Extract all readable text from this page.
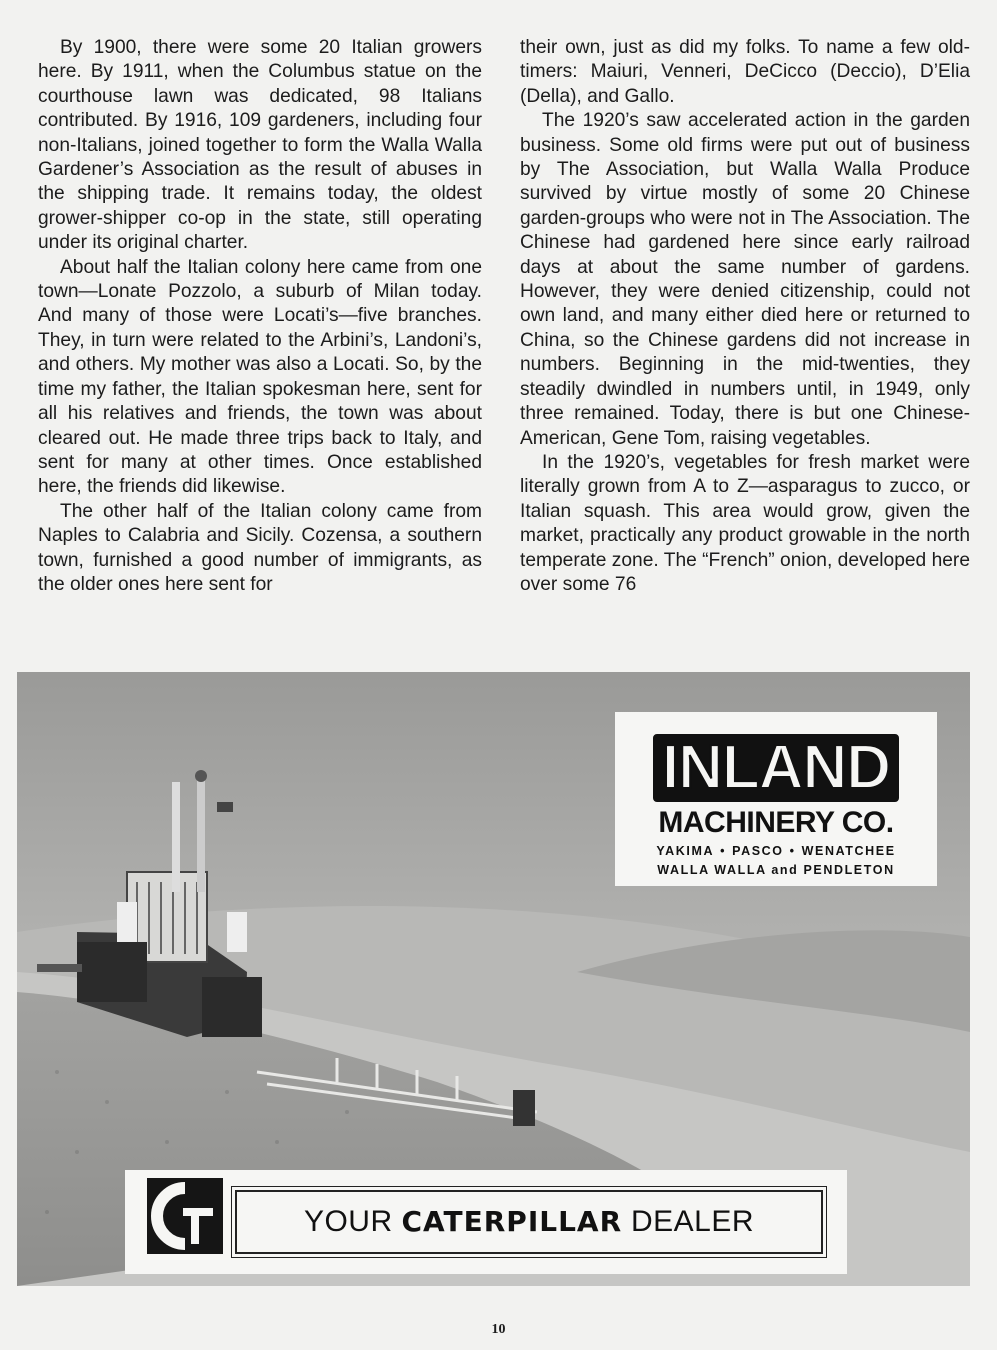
By 1900, there were some 20 Italian growers here. By 1911, when the Columbus statue on the courthouse lawn was dedicated, 98 Italians contributed. By 1916, 109 gardeners, including four non-Italians, joined together to form the Walla Walla Gardener’s Association as the result of abuses in the shipping trade. It remains today, the oldest grower-shipper co-op in the state, still operating under its original charter.

About half the Italian colony here came from one town—Lonate Pozzolo, a suburb of Milan today. And many of those were Locati’s—five branches. They, in turn were related to the Arbini’s, Landoni’s, and others. My mother was also a Locati. So, by the time my father, the Italian spokesman here, sent for all his relatives and friends, the town was about cleared out. He made three trips back to Italy, and sent for many at other times. Once established here, the friends did likewise.

The other half of the Italian colony came from Naples to Calabria and Sicily. Cozensa, a southern town, furnished a good number of immigrants, as the older ones here sent for

their own, just as did my folks. To name a few old-timers: Maiuri, Venneri, DeCicco (Deccio), D’Elia (Della), and Gallo.

The 1920’s saw accelerated action in the garden business. Some old firms were put out of business by The Association, but Walla Walla Produce survived by virtue mostly of some 20 Chinese garden-groups who were not in The Association. The Chinese had gardened here since early railroad days at about the same number of gardens. However, they were denied citizenship, could not own land, and many either died here or returned to China, so the Chinese gardens did not increase in numbers. Beginning in the mid-twenties, they steadily dwindled in numbers until, in 1949, only three remained. Today, there is but one Chinese-American, Gene Tom, raising vegetables.

In the 1920’s, vegetables for fresh market were literally grown from A to Z—asparagus to zucco, or Italian squash. This area would grow, given the market, practically any product growable in the north temperate zone. The “French” onion, developed here over some 76

INLAND
MACHINERY CO.
YAKIMA • PASCO • WENATCHEE
WALLA WALLA and PENDLETON
YOUR CATERPILLAR DEALER
10
